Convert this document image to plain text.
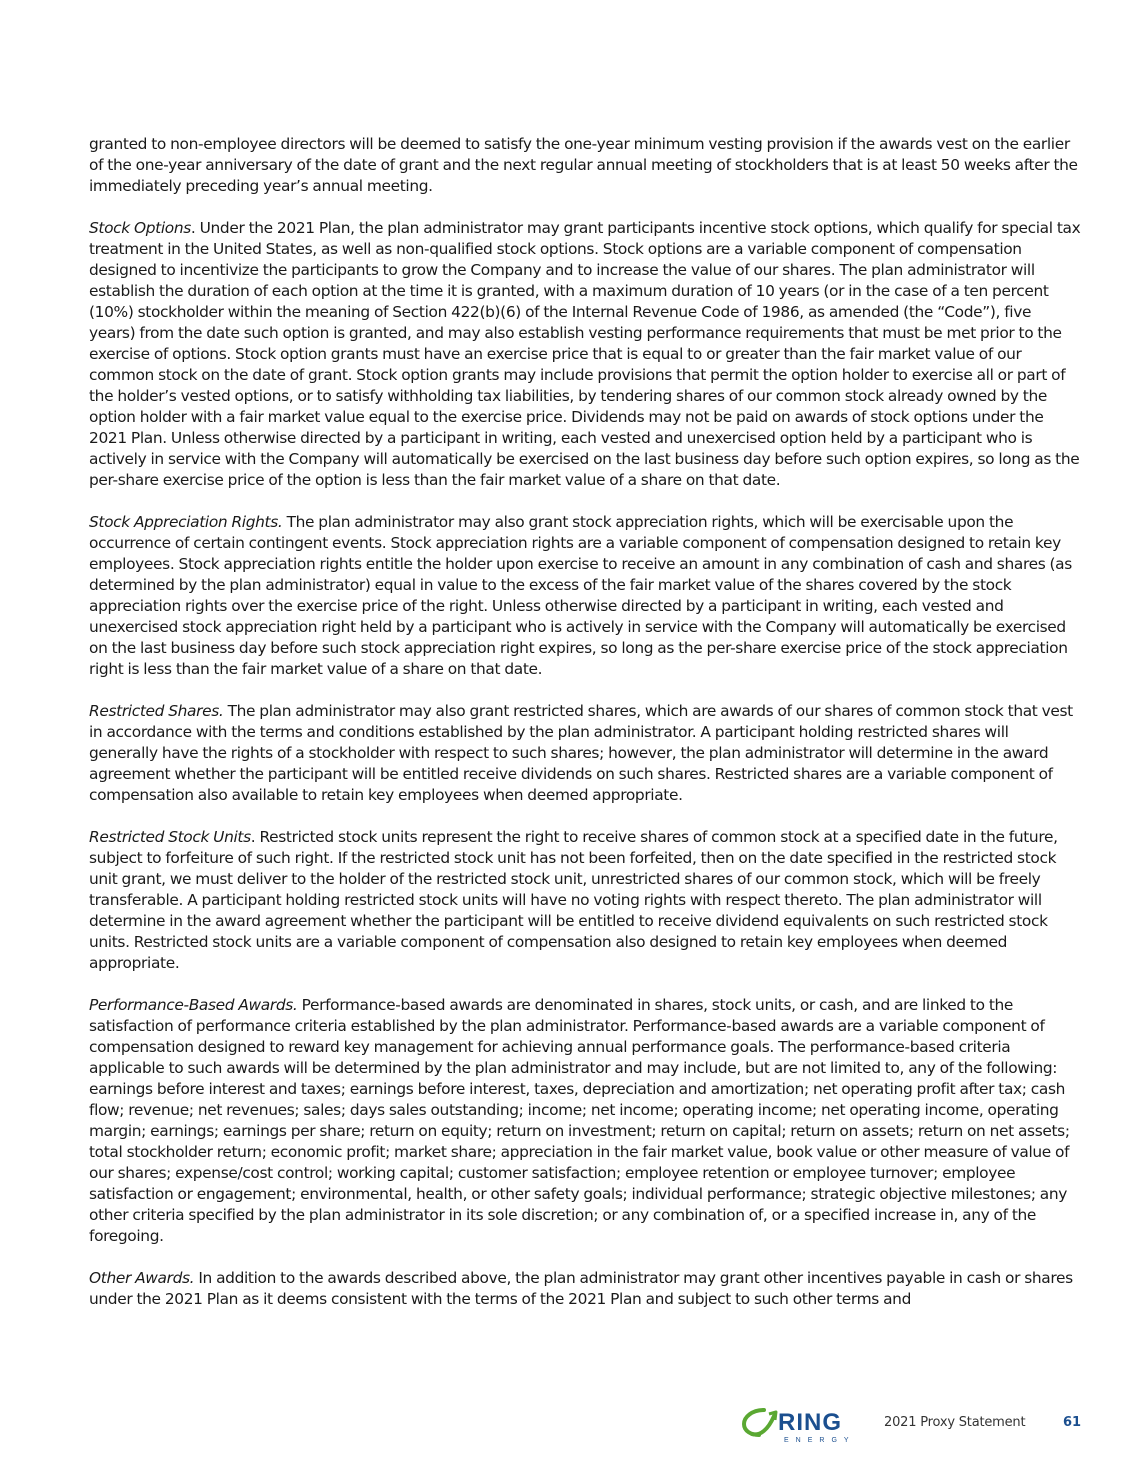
granted to non-employee directors will be deemed to satisfy the one-year minimum vesting provision if the awards vest on the earlier of the one-year anniversary of the date of grant and the next regular annual meeting of stockholders that is at least 50 weeks after the immediately preceding year’s annual meeting.

Stock Options. Under the 2021 Plan, the plan administrator may grant participants incentive stock options, which qualify for special tax treatment in the United States, as well as non-qualified stock options. Stock options are a variable component of compensation designed to incentivize the participants to grow the Company and to increase the value of our shares. The plan administrator will establish the duration of each option at the time it is granted, with a maximum duration of 10 years (or in the case of a ten percent (10%) stockholder within the meaning of Section 422(b)(6) of the Internal Revenue Code of 1986, as amended (the “Code”), five years) from the date such option is granted, and may also establish vesting performance requirements that must be met prior to the exercise of options. Stock option grants must have an exercise price that is equal to or greater than the fair market value of our common stock on the date of grant. Stock option grants may include provisions that permit the option holder to exercise all or part of the holder’s vested options, or to satisfy withholding tax liabilities, by tendering shares of our common stock already owned by the option holder with a fair market value equal to the exercise price. Dividends may not be paid on awards of stock options under the 2021 Plan. Unless otherwise directed by a participant in writing, each vested and unexercised option held by a participant who is actively in service with the Company will automatically be exercised on the last business day before such option expires, so long as the per-share exercise price of the option is less than the fair market value of a share on that date.

Stock Appreciation Rights. The plan administrator may also grant stock appreciation rights, which will be exercisable upon the occurrence of certain contingent events. Stock appreciation rights are a variable component of compensation designed to retain key employees. Stock appreciation rights entitle the holder upon exercise to receive an amount in any combination of cash and shares (as determined by the plan administrator) equal in value to the excess of the fair market value of the shares covered by the stock appreciation rights over the exercise price of the right. Unless otherwise directed by a participant in writing, each vested and unexercised stock appreciation right held by a participant who is actively in service with the Company will automatically be exercised on the last business day before such stock appreciation right expires, so long as the per-share exercise price of the stock appreciation right is less than the fair market value of a share on that date.

Restricted Shares. The plan administrator may also grant restricted shares, which are awards of our shares of common stock that vest in accordance with the terms and conditions established by the plan administrator. A participant holding restricted shares will generally have the rights of a stockholder with respect to such shares; however, the plan administrator will determine in the award agreement whether the participant will be entitled receive dividends on such shares. Restricted shares are a variable component of compensation also available to retain key employees when deemed appropriate.

Restricted Stock Units. Restricted stock units represent the right to receive shares of common stock at a specified date in the future, subject to forfeiture of such right. If the restricted stock unit has not been forfeited, then on the date specified in the restricted stock unit grant, we must deliver to the holder of the restricted stock unit, unrestricted shares of our common stock, which will be freely transferable. A participant holding restricted stock units will have no voting rights with respect thereto. The plan administrator will determine in the award agreement whether the participant will be entitled to receive dividend equivalents on such restricted stock units. Restricted stock units are a variable component of compensation also designed to retain key employees when deemed appropriate.

Performance-Based Awards. Performance-based awards are denominated in shares, stock units, or cash, and are linked to the satisfaction of performance criteria established by the plan administrator. Performance-based awards are a variable component of compensation designed to reward key management for achieving annual performance goals. The performance-based criteria applicable to such awards will be determined by the plan administrator and may include, but are not limited to, any of the following: earnings before interest and taxes; earnings before interest, taxes, depreciation and amortization; net operating profit after tax; cash flow; revenue; net revenues; sales; days sales outstanding; income; net income; operating income; net operating income, operating margin; earnings; earnings per share; return on equity; return on investment; return on capital; return on assets; return on net assets; total stockholder return; economic profit; market share; appreciation in the fair market value, book value or other measure of value of our shares; expense/cost control; working capital; customer satisfaction; employee retention or employee turnover; employee satisfaction or engagement; environmental, health, or other safety goals; individual performance; strategic objective milestones; any other criteria specified by the plan administrator in its sole discretion; or any combination of, or a specified increase in, any of the foregoing.

Other Awards. In addition to the awards described above, the plan administrator may grant other incentives payable in cash or shares under the 2021 Plan as it deems consistent with the terms of the 2021 Plan and subject to such other terms and

RING
ENERGY
2021 Proxy Statement	61
